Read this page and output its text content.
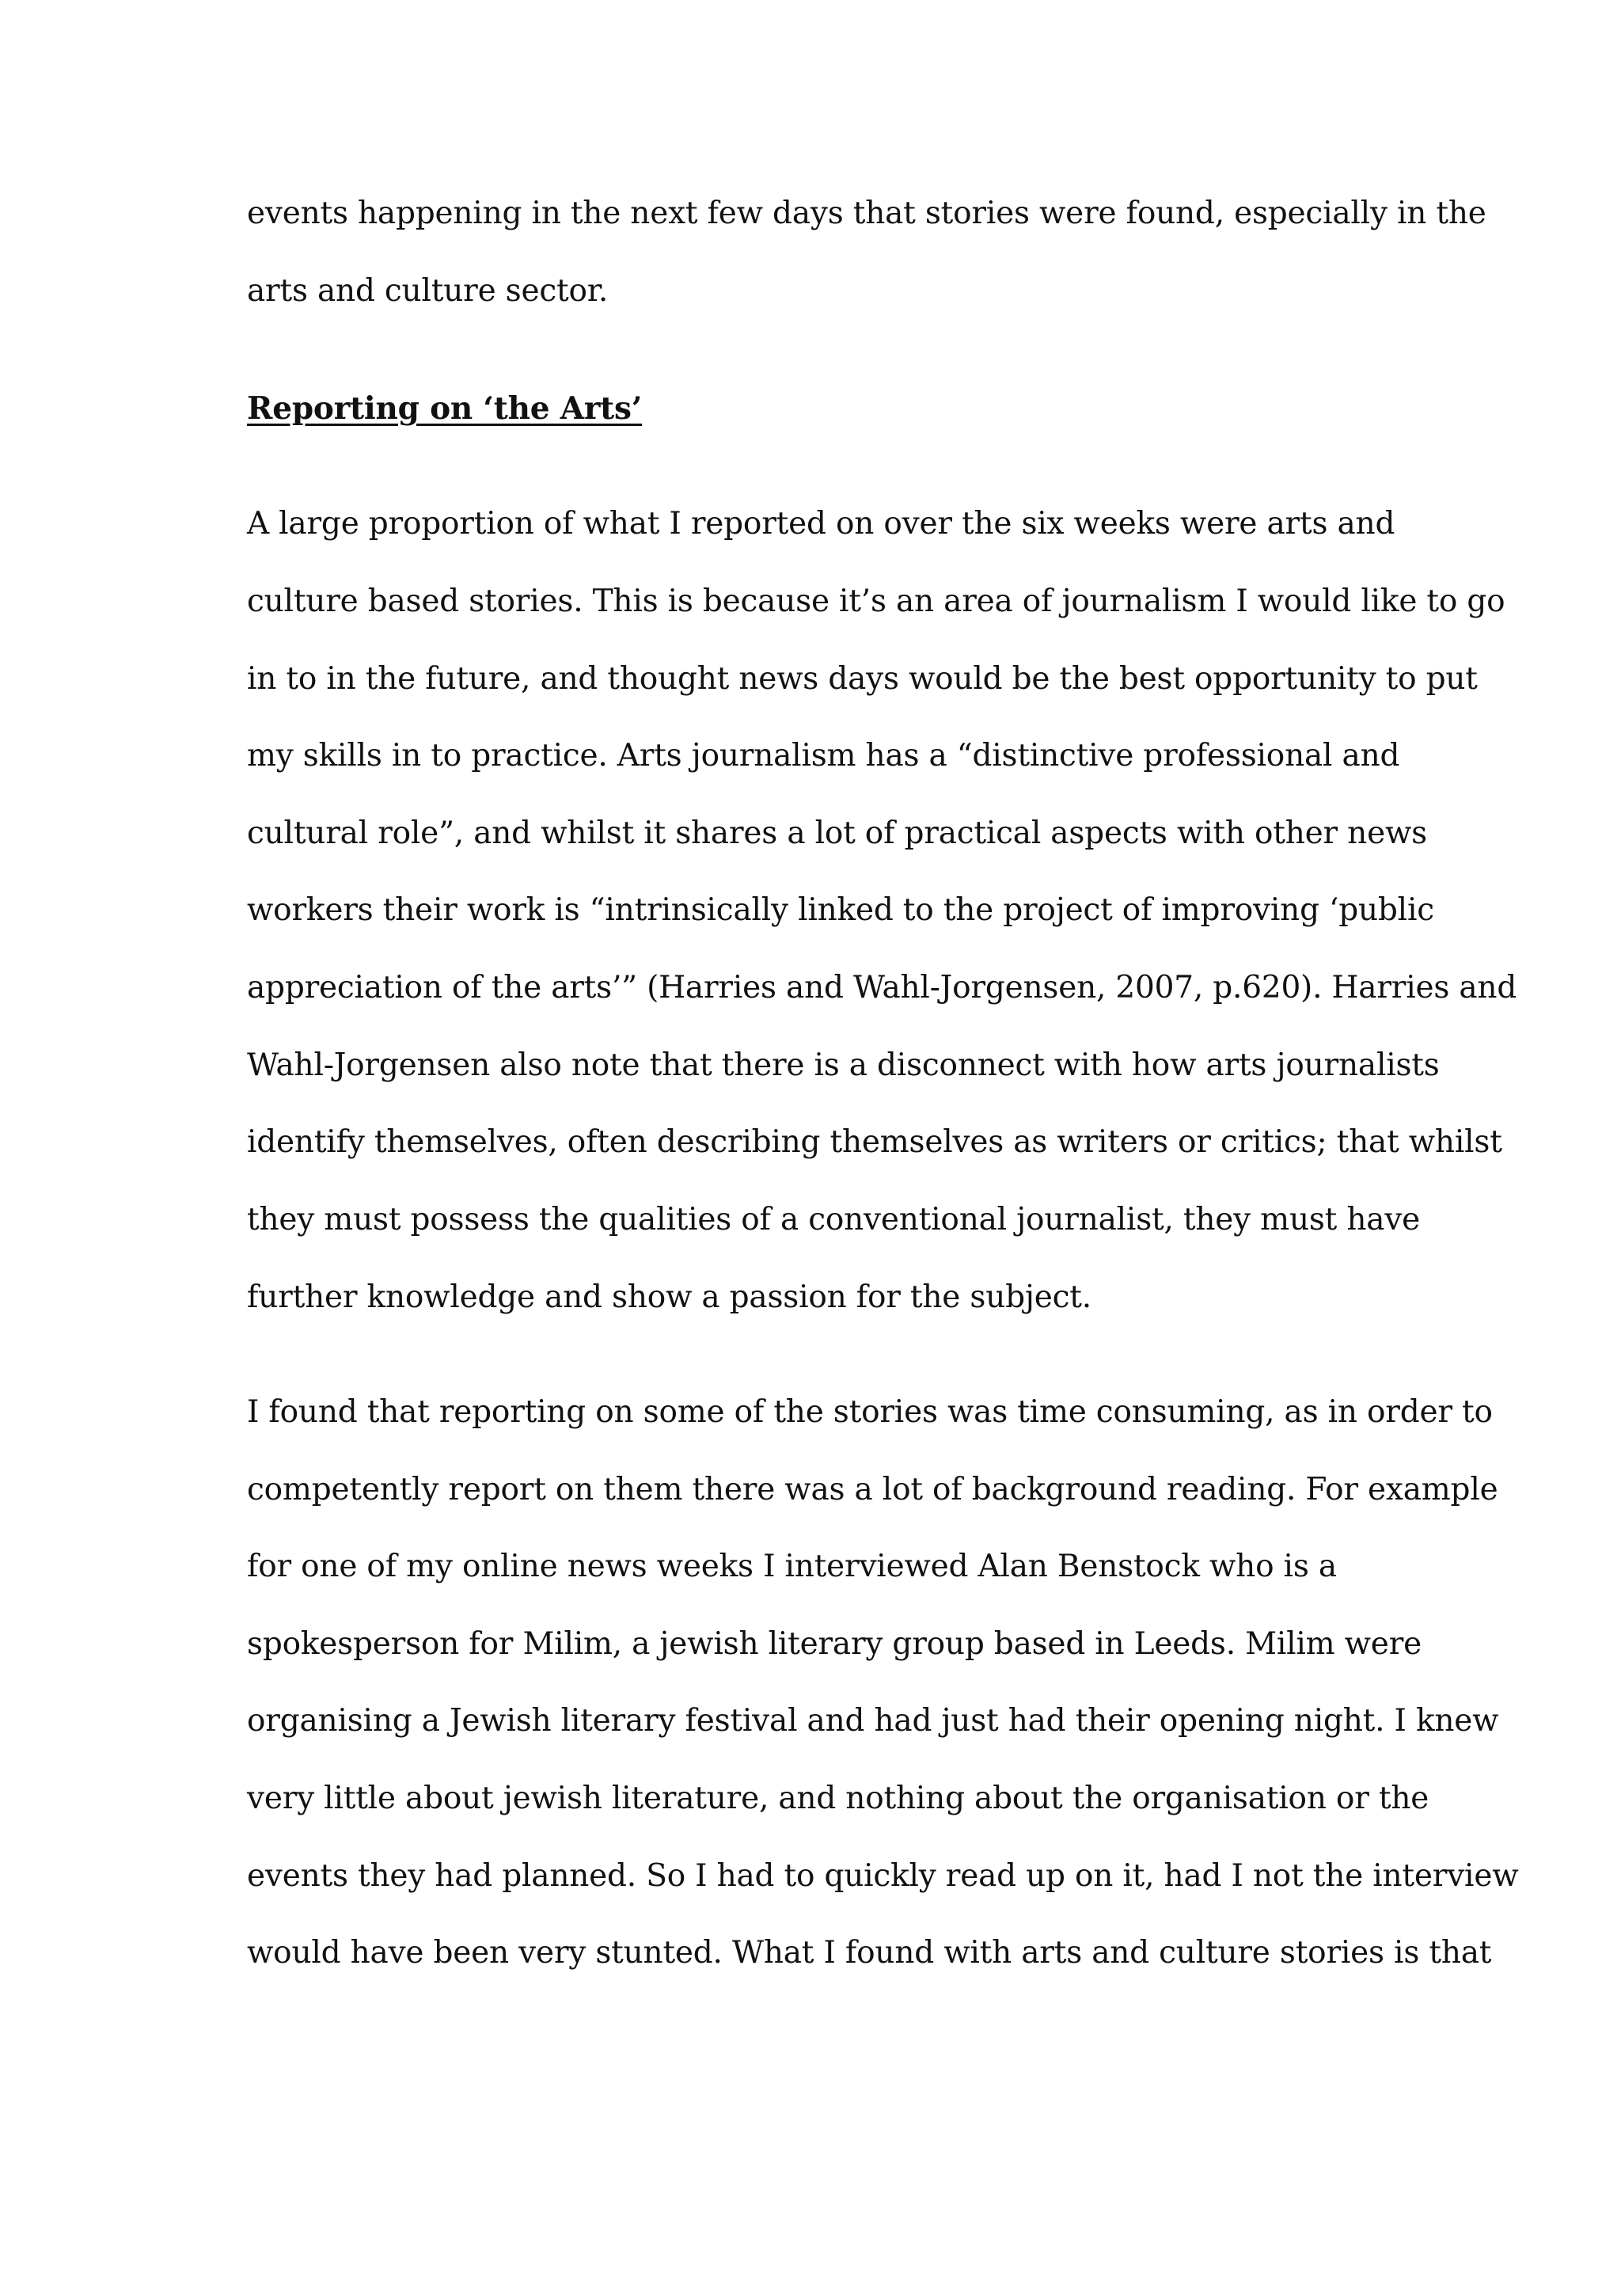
events happening in the next few days that stories were found, especially in the
arts and culture sector.
Reporting on ‘the Arts’
A large proportion of what I reported on over the six weeks were arts and
culture based stories. This is because it’s an area of journalism I would like to go
in to in the future, and thought news days would be the best opportunity to put
my skills in to practice. Arts journalism has a “distinctive professional and
cultural role”, and whilst it shares a lot of practical aspects with other news
workers their work is “intrinsically linked to the project of improving ‘public
appreciation of the arts’” (Harries and Wahl-Jorgensen, 2007, p.620). Harries and
Wahl-Jorgensen also note that there is a disconnect with how arts journalists
identify themselves, often describing themselves as writers or critics; that whilst
they must possess the qualities of a conventional journalist, they must have
further knowledge and show a passion for the subject.
I found that reporting on some of the stories was time consuming, as in order to
competently report on them there was a lot of background reading. For example
for one of my online news weeks I interviewed Alan Benstock who is a
spokesperson for Milim, a jewish literary group based in Leeds. Milim were
organising a Jewish literary festival and had just had their opening night. I knew
very little about jewish literature, and nothing about the organisation or the
events they had planned. So I had to quickly read up on it, had I not the interview
would have been very stunted. What I found with arts and culture stories is that
